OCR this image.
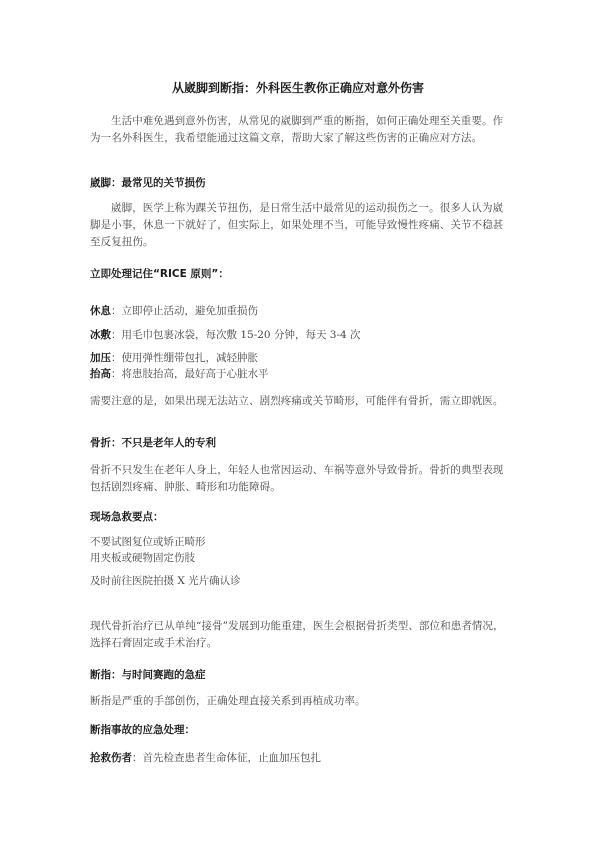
从崴脚到断指：外科医生教你正确应对意外伤害
生活中难免遇到意外伤害，从常见的崴脚到严重的断指，如何正确处理至关重要。作为一名外科医生，我希望能通过这篇文章，帮助大家了解这些伤害的正确应对方法。
崴脚：最常见的关节损伤
崴脚，医学上称为踝关节扭伤，是日常生活中最常见的运动损伤之一。很多人认为崴脚是小事，休息一下就好了，但实际上，如果处理不当，可能导致慢性疼痛、关节不稳甚至反复扭伤。
立即处理记住“RICE 原则”：
休息：立即停止活动，避免加重损伤
冰敷：用毛巾包裹冰袋，每次敷 15-20 分钟，每天 3-4 次
加压：使用弹性绷带包扎，减轻肿胀
抬高：将患肢抬高，最好高于心脏水平
需要注意的是，如果出现无法站立、剧烈疼痛或关节畸形，可能伴有骨折，需立即就医。
骨折：不只是老年人的专利
骨折不只发生在老年人身上，年轻人也常因运动、车祸等意外导致骨折。骨折的典型表现包括剧烈疼痛、肿胀、畸形和功能障碍。
现场急救要点：
不要试图复位或矫正畸形
用夹板或硬物固定伤肢
及时前往医院拍摄 X 光片确认诊
现代骨折治疗已从单纯“接骨”发展到功能重建，医生会根据骨折类型、部位和患者情况，选择石膏固定或手术治疗。
断指：与时间赛跑的急症
断指是严重的手部创伤，正确处理直接关系到再植成功率。
断指事故的应急处理：
抢救伤者：首先检查患者生命体征，止血加压包扎
